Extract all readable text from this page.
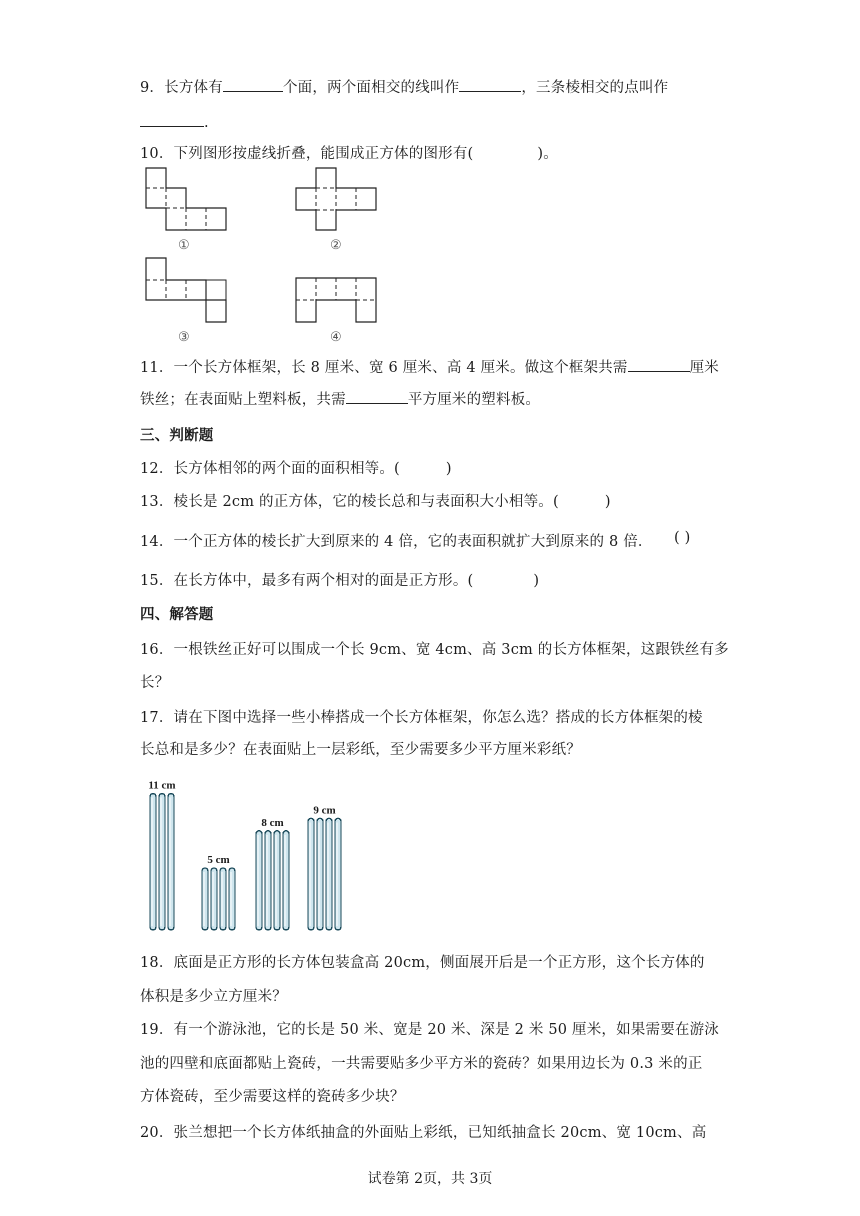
9．长方体有	个面，两个面相交的线叫作	，三条棱相交的点叫作
.
10．下列图形按虚线折叠，能围成正方体的图形有(	)。
①	②
③	④
11．一个长方体框架，长 8 厘米、宽 6 厘米、高 4 厘米。做这个框架共需	厘米
铁丝；在表面贴上塑料板，共需	平方厘米的塑料板。
三、判断题
12．长方体相邻的两个面的面积相等。(	)
13．棱长是 2cm 的正方体，它的棱长总和与表面积大小相等。(	)
14．一个正方体的棱长扩大到原来的 4 倍，它的表面积就扩大到原来的 8 倍． ( )
15．在长方体中，最多有两个相对的面是正方形。(	)
四、解答题
16．一根铁丝正好可以围成一个长 9cm、宽 4cm、高 3cm 的长方体框架，这跟铁丝有多
长？
17．请在下图中选择一些小棒搭成一个长方体框架，你怎么选？搭成的长方体框架的棱
长总和是多少？在表面贴上一层彩纸，至少需要多少平方厘米彩纸？
11 cm
5 cm
8 cm
9 cm
18．底面是正方形的长方体包装盒高 20cm，侧面展开后是一个正方形，这个长方体的
体积是多少立方厘米？
19．有一个游泳池，它的长是 50 米、宽是 20 米、深是 2 米 50 厘米，如果需要在游泳
池的四壁和底面都贴上瓷砖，一共需要贴多少平方米的瓷砖？如果用边长为 0.3 米的正
方体瓷砖，至少需要这样的瓷砖多少块？
20．张兰想把一个长方体纸抽盒的外面贴上彩纸，已知纸抽盒长 20cm、宽 10cm、高
试卷第 2页，共 3页
